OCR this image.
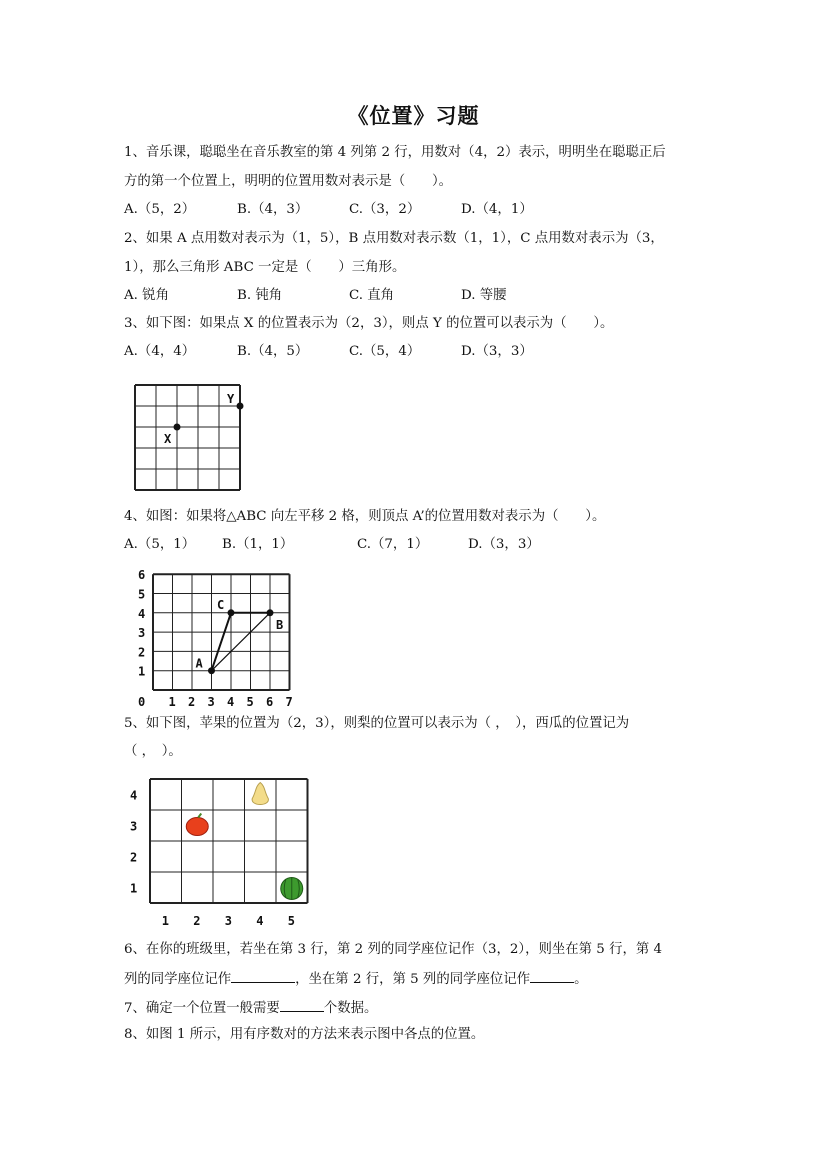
《位置》习题
1、音乐课，聪聪坐在音乐教室的第 4 列第 2 行，用数对（4，2）表示，明明坐在聪聪正后
方的第一个位置上，明明的位置用数对表示是（　　）。
A.（5，2）	B.（4，3）	C.（3，2）	D.（4，1）
2、如果 A 点用数对表示为（1，5），B 点用数对表示数（1，1），C 点用数对表示为（3，
1），那么三角形 ABC 一定是（　　）三角形。
A. 锐角	B. 钝角	C. 直角	D. 等腰
3、如下图：如果点 X 的位置表示为（2，3），则点 Y 的位置可以表示为（　　）。
A.（4，4）	B.（4，5）	C.（5，4）	D.（3，3）
X
Y
4、如图：如果将△ABC 向左平移 2 格，则顶点 A’的位置用数对表示为（　　）。
A.（5，1） B.（1，1）	C.（7，1）	D.（3，3）
0 1 2 3 4 5 6 7
1
2
3
4
5
6
A
B
C
5、如下图，苹果的位置为（2，3），则梨的位置可以表示为（ ，　），西瓜的位置记为
（ ，　）。
1 2 3 4 5
1
2
3
4
6、在你的班级里，若坐在第 3 行，第 2 列的同学座位记作（3，2），则坐在第 5 行，第 4
列的同学座位记作	，坐在第 2 行，第 5 列的同学座位记作	。
7、确定一个位置一般需要	个数据。
8、如图 1 所示，用有序数对的方法来表示图中各点的位置。
